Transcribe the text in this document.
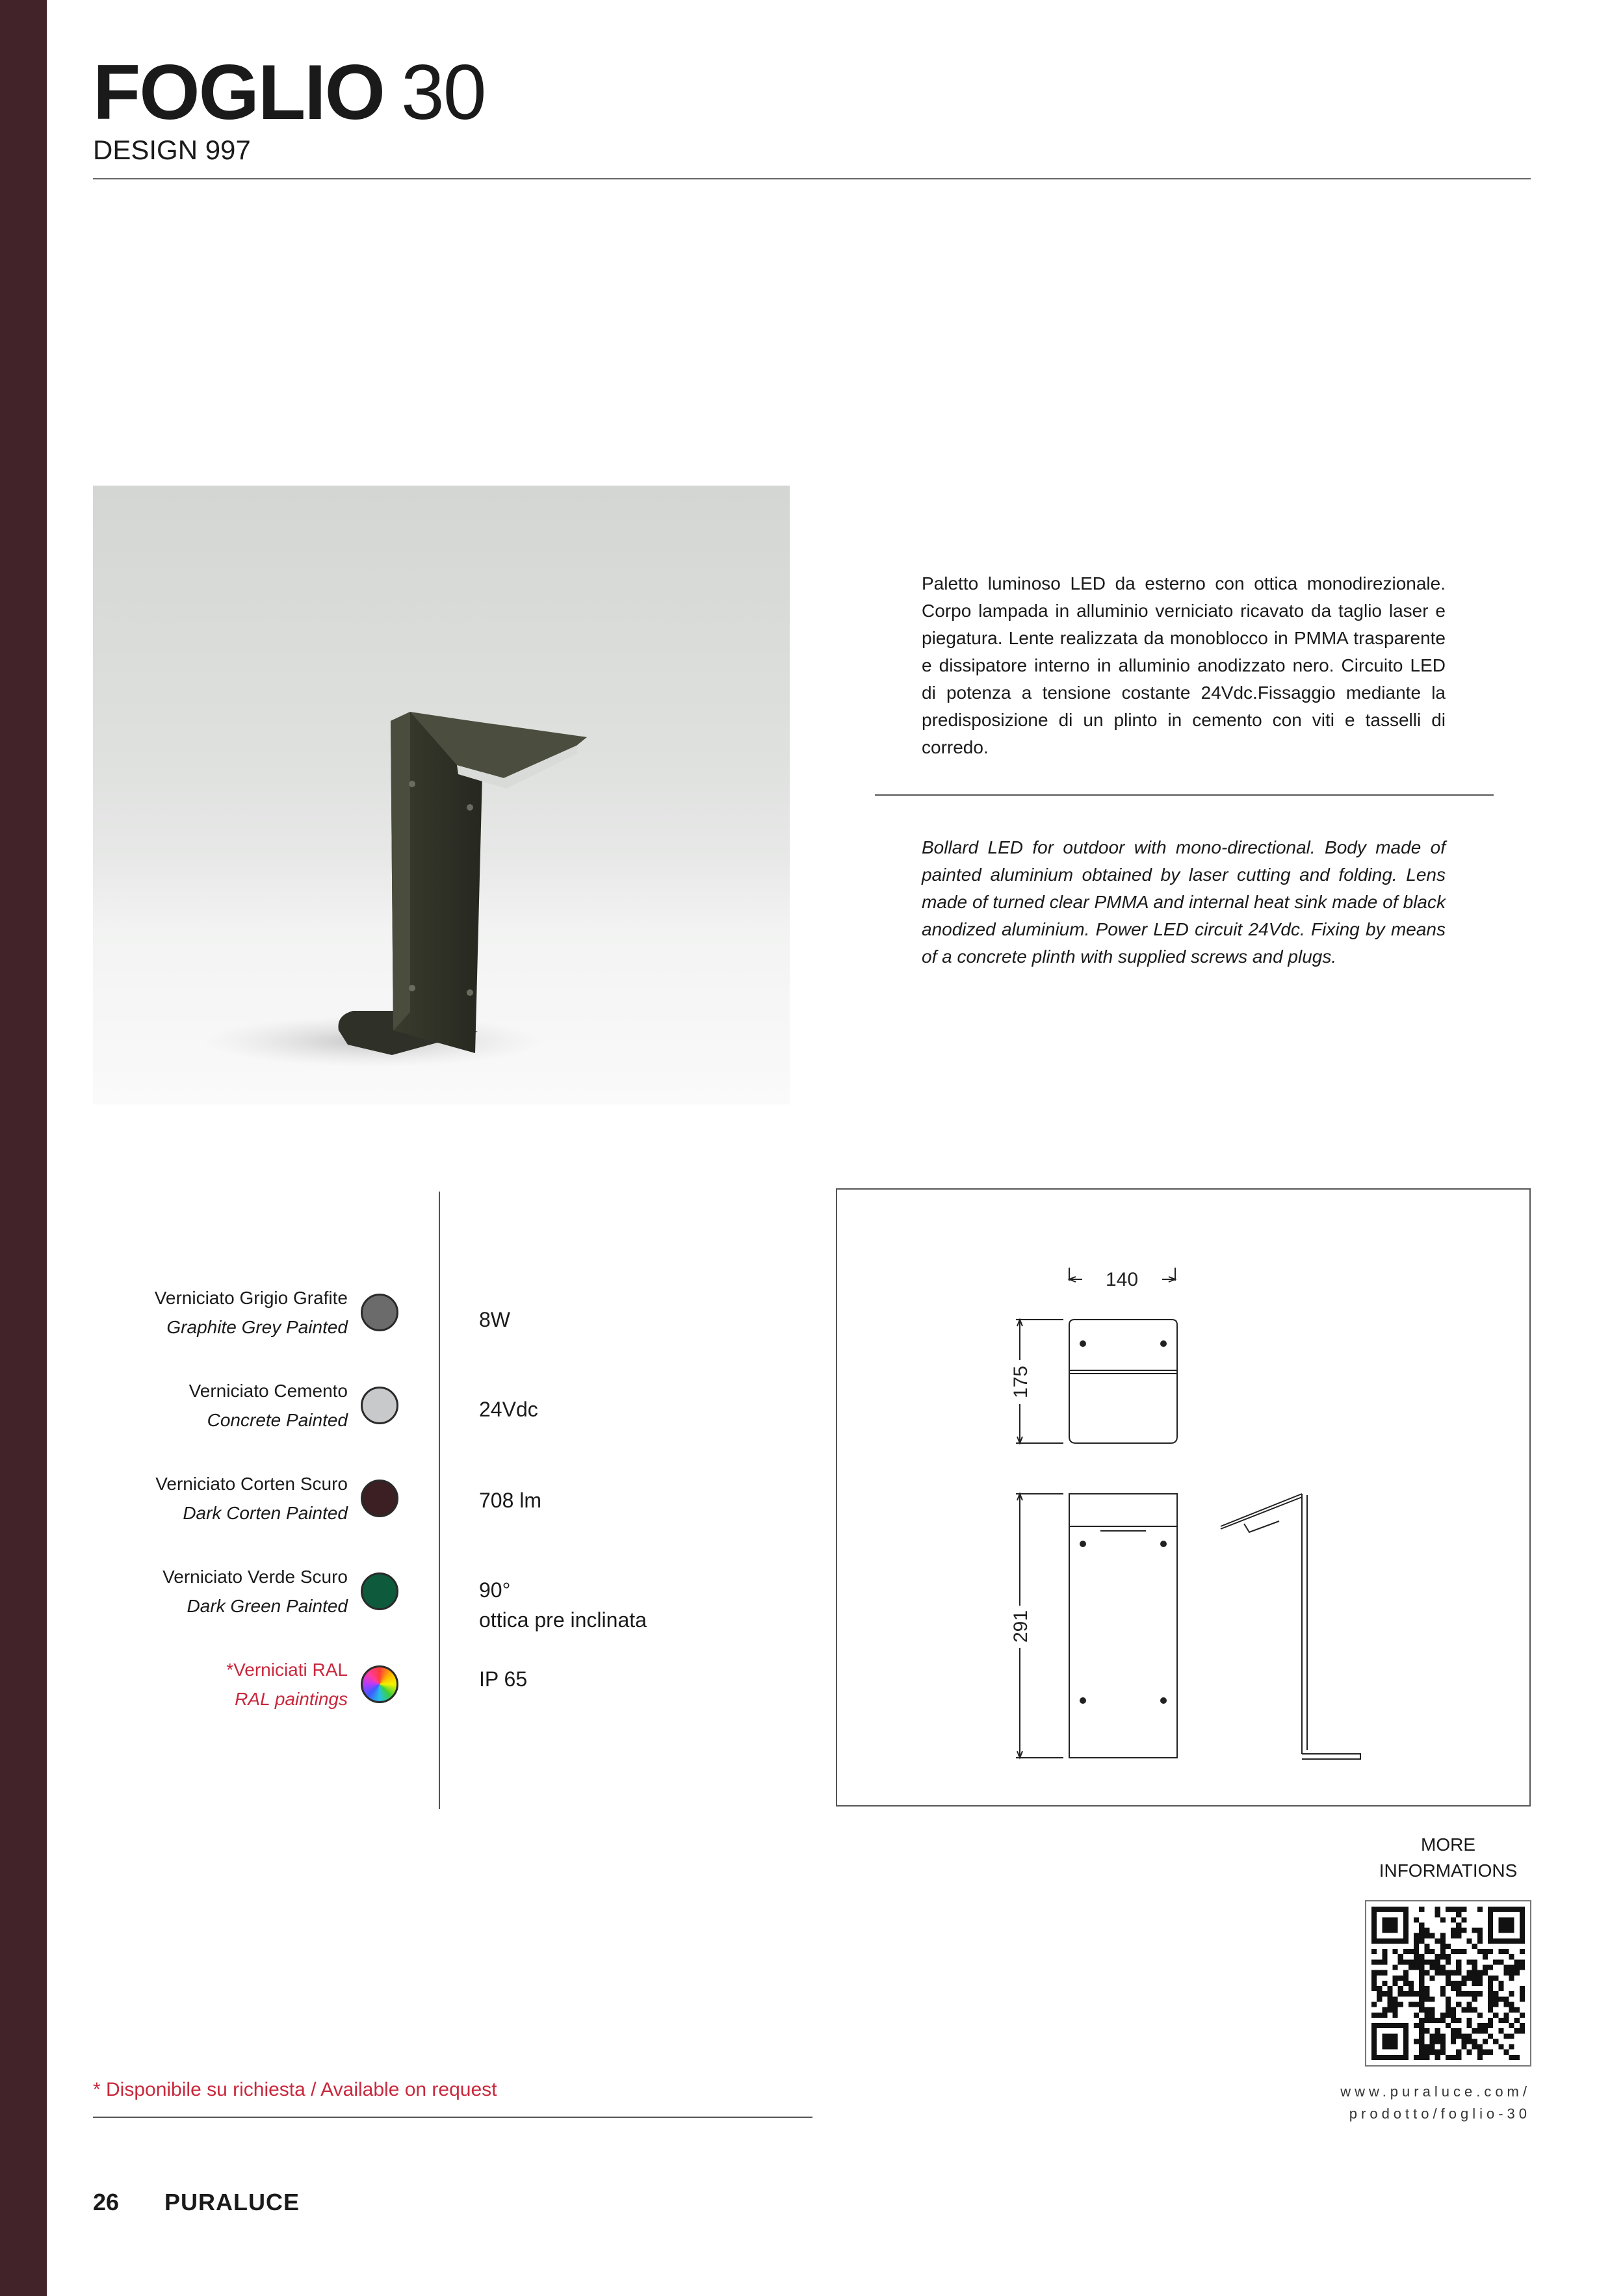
FOGLIO 30
DESIGN 997
Paletto luminoso LED da esterno con ottica monodirezionale. Corpo lampada in alluminio verniciato ricavato da taglio laser e piegatura. Lente realizzata da monoblocco in PMMA trasparente e dissipatore interno in alluminio anodizzato nero. Circuito LED di potenza a tensione costante 24Vdc.Fissaggio mediante la predisposizione di un plinto in cemento con viti e tasselli di corredo.
Bollard LED for outdoor with mono-directional. Body made of painted aluminium obtained by laser cutting and folding. Lens made of turned clear PMMA and internal heat sink made of black anodized aluminium. Power LED circuit 24Vdc. Fixing by means of a concrete plinth with supplied screws and plugs.
Verniciato Grigio Grafite
Graphite Grey Painted
Verniciato Cemento
Concrete Painted
Verniciato Corten Scuro
Dark Corten Painted
Verniciato Verde Scuro
Dark Green Painted
*Verniciati RAL
RAL paintings
8W
24Vdc
708 lm
90°
ottica pre inclinata
IP 65
140
175
291
MORE
INFORMATIONS
www.puraluce.com/
prodotto/foglio-30
* Disponibile su richiesta / Available on request
26 PURALUCE
